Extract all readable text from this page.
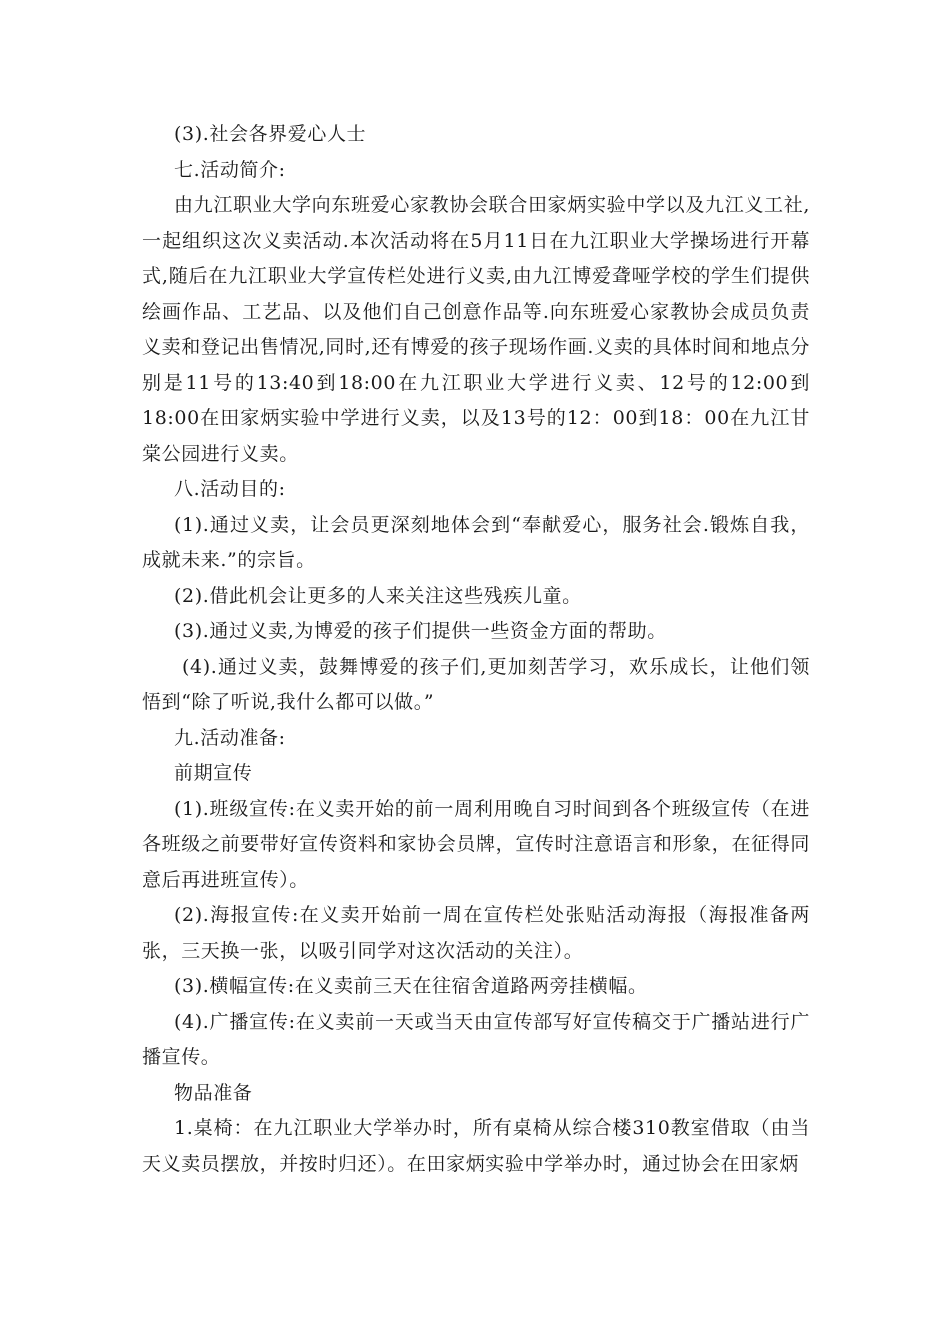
(3).社会各界爱心人士

七.活动简介:

由九江职业大学向东班爱心家教协会联合田家炳实验中学以及九江义工社,一起组织这次义卖活动.本次活动将在5月11日在九江职业大学操场进行开幕式,随后在九江职业大学宣传栏处进行义卖,由九江博爱聋哑学校的学生们提供绘画作品、工艺品、以及他们自己创意作品等.向东班爱心家教协会成员负责义卖和登记出售情况,同时,还有博爱的孩子现场作画.义卖的具体时间和地点分别是11号的13:40到18:00在九江职业大学进行义卖、12号的12:00到18:00在田家炳实验中学进行义卖，以及13号的12：00到18：00在九江甘棠公园进行义卖。

八.活动目的:

(1).通过义卖，让会员更深刻地体会到“奉献爱心，服务社会.锻炼自我，成就未来.”的宗旨。

(2).借此机会让更多的人来关注这些残疾儿童。

(3).通过义卖,为博爱的孩子们提供一些资金方面的帮助。

(4).通过义卖，鼓舞博爱的孩子们,更加刻苦学习，欢乐成长，让他们领悟到“除了听说,我什么都可以做。”

九.活动准备:

前期宣传

(1).班级宣传:在义卖开始的前一周利用晚自习时间到各个班级宣传（在进各班级之前要带好宣传资料和家协会员牌，宣传时注意语言和形象，在征得同意后再进班宣传）。

(2).海报宣传:在义卖开始前一周在宣传栏处张贴活动海报（海报准备两张，三天换一张，以吸引同学对这次活动的关注）。

(3).横幅宣传:在义卖前三天在往宿舍道路两旁挂横幅。

(4).广播宣传:在义卖前一天或当天由宣传部写好宣传稿交于广播站进行广播宣传。

物品准备

1.桌椅：在九江职业大学举办时，所有桌椅从综合楼310教室借取（由当天义卖员摆放，并按时归还）。在田家炳实验中学举办时，通过协会在田家炳
